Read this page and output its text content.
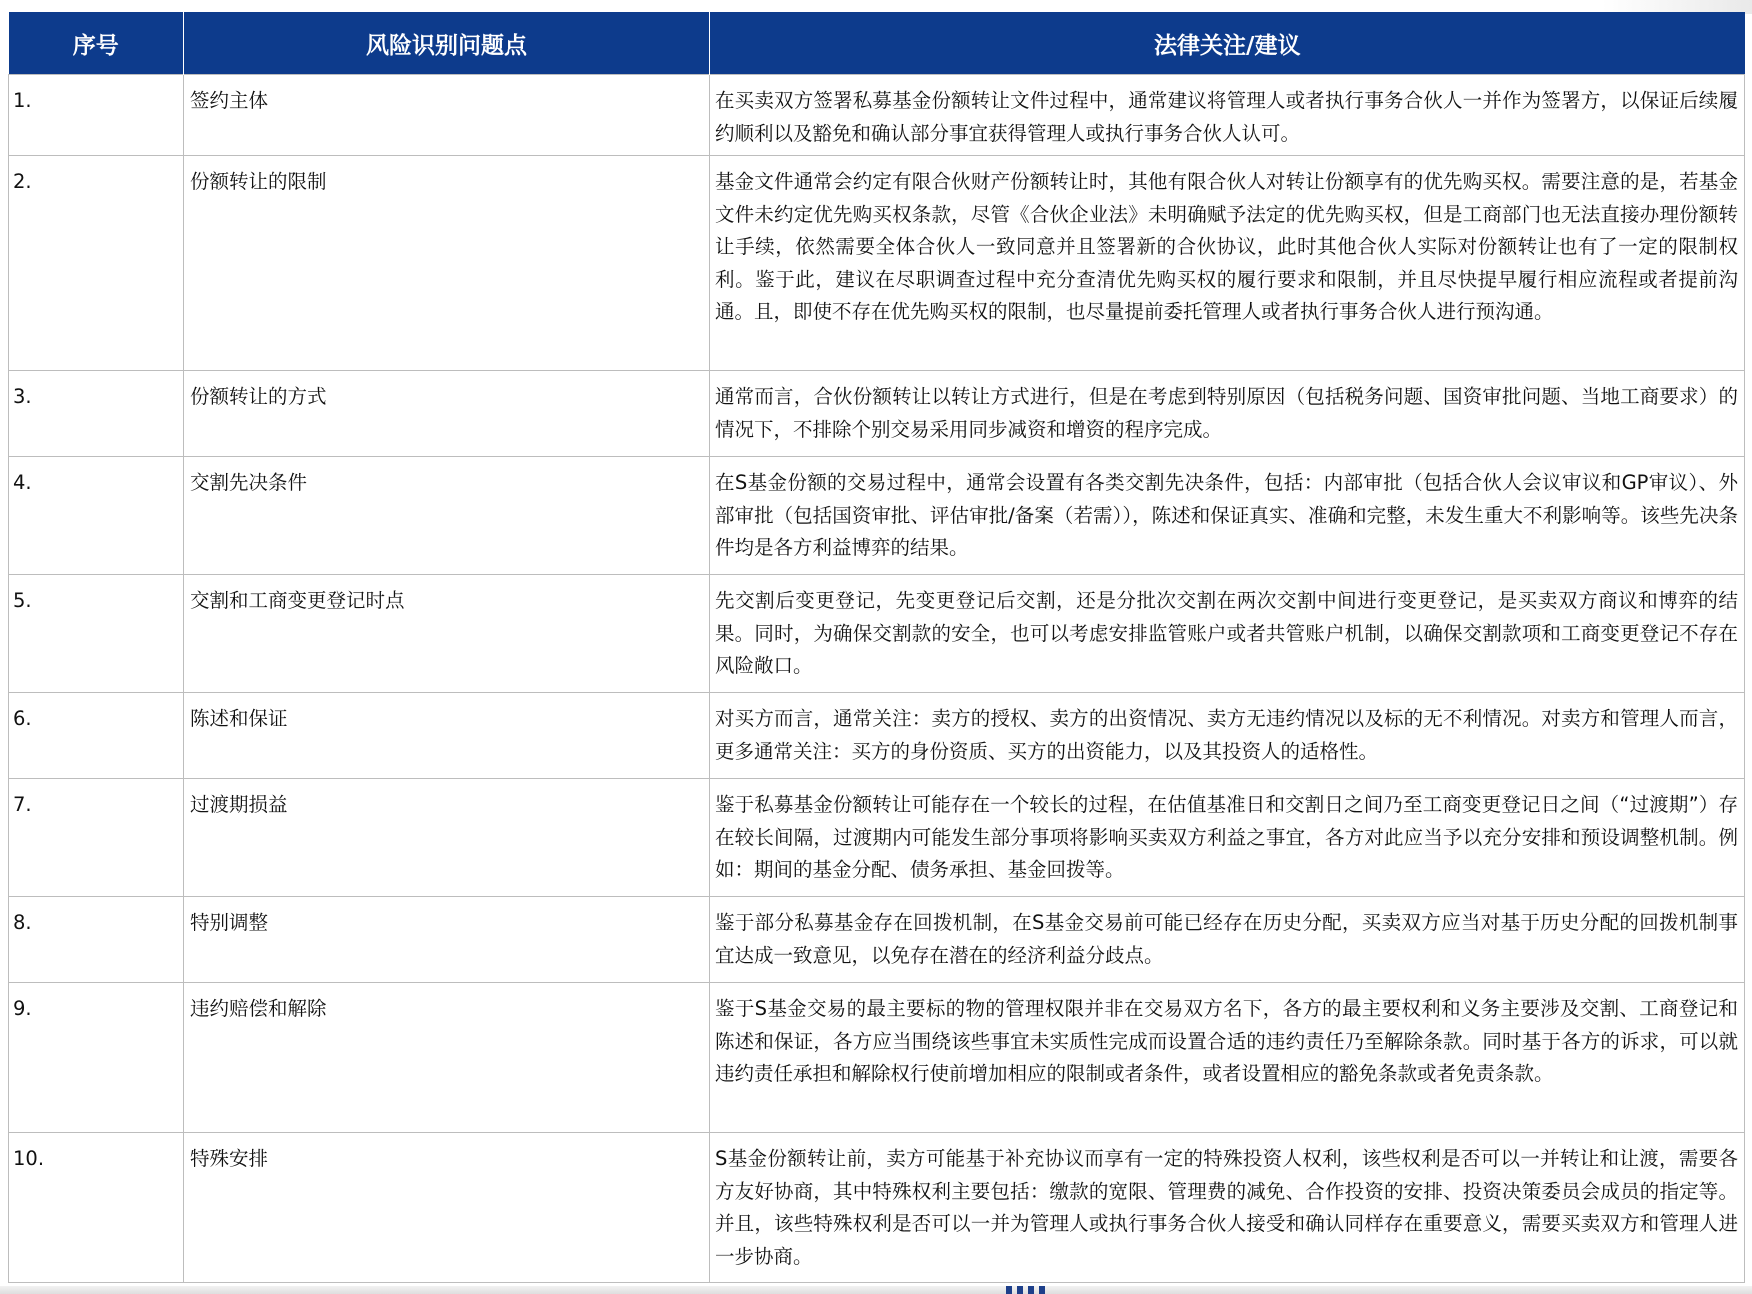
序号	风险识别问题点	法律关注/建议
1.	签约主体	在买卖双方签署私募基金份额转让文件过程中，通常建议将管理人或者执行事务合伙人一并作为签署方，以保证后续履约顺利以及豁免和确认部分事宜获得管理人或执行事务合伙人认可。
2.	份额转让的限制	基金文件通常会约定有限合伙财产份额转让时，其他有限合伙人对转让份额享有的优先购买权。需要注意的是，若基金文件未约定优先购买权条款，尽管《合伙企业法》未明确赋予法定的优先购买权，但是工商部门也无法直接办理份额转让手续，依然需要全体合伙人一致同意并且签署新的合伙协议，此时其他合伙人实际对份额转让也有了一定的限制权利。鉴于此，建议在尽职调查过程中充分查清优先购买权的履行要求和限制，并且尽快提早履行相应流程或者提前沟通。且，即使不存在优先购买权的限制，也尽量提前委托管理人或者执行事务合伙人进行预沟通。
3.	份额转让的方式	通常而言，合伙份额转让以转让方式进行，但是在考虑到特别原因（包括税务问题、国资审批问题、当地工商要求）的情况下，不排除个别交易采用同步减资和增资的程序完成。
4.	交割先决条件	在S基金份额的交易过程中，通常会设置有各类交割先决条件，包括：内部审批（包括合伙人会议审议和GP审议）、外部审批（包括国资审批、评估审批/备案（若需）），陈述和保证真实、准确和完整，未发生重大不利影响等。该些先决条件均是各方利益博弈的结果。
5.	交割和工商变更登记时点	先交割后变更登记，先变更登记后交割，还是分批次交割在两次交割中间进行变更登记，是买卖双方商议和博弈的结果。同时，为确保交割款的安全，也可以考虑安排监管账户或者共管账户机制，以确保交割款项和工商变更登记不存在风险敞口。
6.	陈述和保证	对买方而言，通常关注：卖方的授权、卖方的出资情况、卖方无违约情况以及标的无不利情况。对卖方和管理人而言，更多通常关注：买方的身份资质、买方的出资能力，以及其投资人的适格性。
7.	过渡期损益	鉴于私募基金份额转让可能存在一个较长的过程，在估值基准日和交割日之间乃至工商变更登记日之间（“过渡期”）存在较长间隔，过渡期内可能发生部分事项将影响买卖双方利益之事宜，各方对此应当予以充分安排和预设调整机制。例如：期间的基金分配、债务承担、基金回拨等。
8.	特别调整	鉴于部分私募基金存在回拨机制，在S基金交易前可能已经存在历史分配，买卖双方应当对基于历史分配的回拨机制事宜达成一致意见，以免存在潜在的经济利益分歧点。
9.	违约赔偿和解除	鉴于S基金交易的最主要标的物的管理权限并非在交易双方名下，各方的最主要权利和义务主要涉及交割、工商登记和陈述和保证，各方应当围绕该些事宜未实质性完成而设置合适的违约责任乃至解除条款。同时基于各方的诉求，可以就违约责任承担和解除权行使前增加相应的限制或者条件，或者设置相应的豁免条款或者免责条款。
10.	特殊安排	S基金份额转让前，卖方可能基于补充协议而享有一定的特殊投资人权利，该些权利是否可以一并转让和让渡，需要各方友好协商，其中特殊权利主要包括：缴款的宽限、管理费的减免、合作投资的安排、投资决策委员会成员的指定等。并且，该些特殊权利是否可以一并为管理人或执行事务合伙人接受和确认同样存在重要意义，需要买卖双方和管理人进一步协商。
